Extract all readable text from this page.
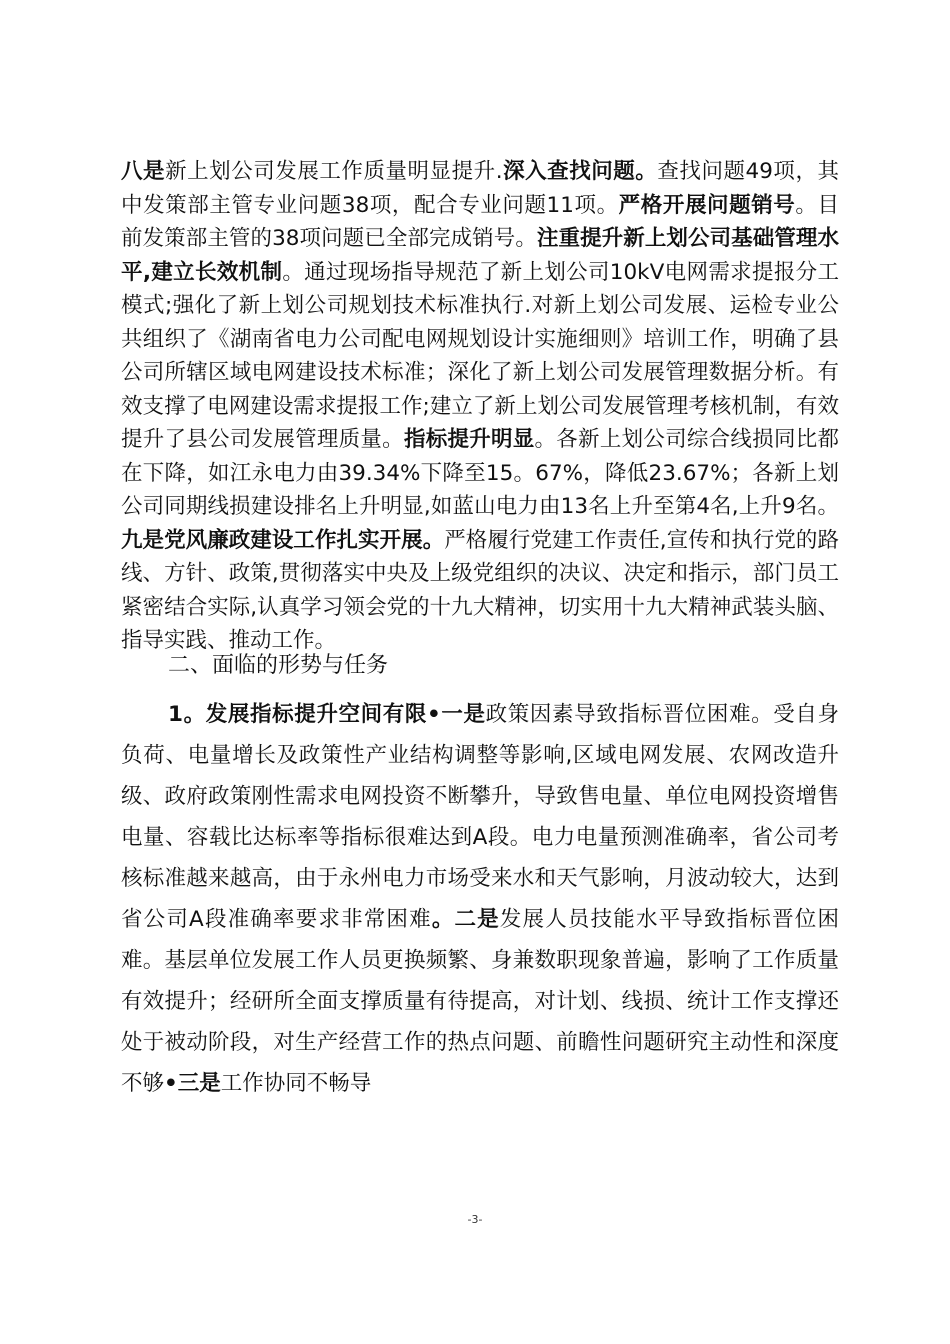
八是新上划公司发展工作质量明显提升.深入查找问题。查找问题49项，其中发策部主管专业问题38项，配合专业问题11项。严格开展问题销号。目前发策部主管的38项问题已全部完成销号。注重提升新上划公司基础管理水平,建立长效机制。通过现场指导规范了新上划公司10kV电网需求提报分工模式;强化了新上划公司规划技术标准执行.对新上划公司发展、运检专业公共组织了《湖南省电力公司配电网规划设计实施细则》培训工作，明确了县公司所辖区域电网建设技术标准；深化了新上划公司发展管理数据分析。有效支撑了电网建设需求提报工作;建立了新上划公司发展管理考核机制，有效提升了县公司发展管理质量。指标提升明显。各新上划公司综合线损同比都在下降，如江永电力由39.34%下降至15。67%，降低23.67%；各新上划公司同期线损建设排名上升明显,如蓝山电力由13名上升至第4名,上升9名。九是党风廉政建设工作扎实开展。严格履行党建工作责任,宣传和执行党的路线、方针、政策,贯彻落实中央及上级党组织的决议、决定和指示，部门员工紧密结合实际,认真学习领会党的十九大精神，切实用十九大精神武装头脑、指导实践、推动工作。

二、面临的形势与任务

1。发展指标提升空间有限•一是政策因素导致指标晋位困难。受自身负荷、电量增长及政策性产业结构调整等影响,区域电网发展、农网改造升级、政府政策刚性需求电网投资不断攀升，导致售电量、单位电网投资增售电量、容载比达标率等指标很难达到A段。电力电量预测准确率，省公司考核标准越来越高，由于永州电力市场受来水和天气影响，月波动较大，达到省公司A段准确率要求非常困难。二是发展人员技能水平导致指标晋位困难。基层单位发展工作人员更换频繁、身兼数职现象普遍，影响了工作质量有效提升；经研所全面支撑质量有待提高，对计划、线损、统计工作支撑还处于被动阶段，对生产经营工作的热点问题、前瞻性问题研究主动性和深度不够•三是工作协同不畅导

-3-
